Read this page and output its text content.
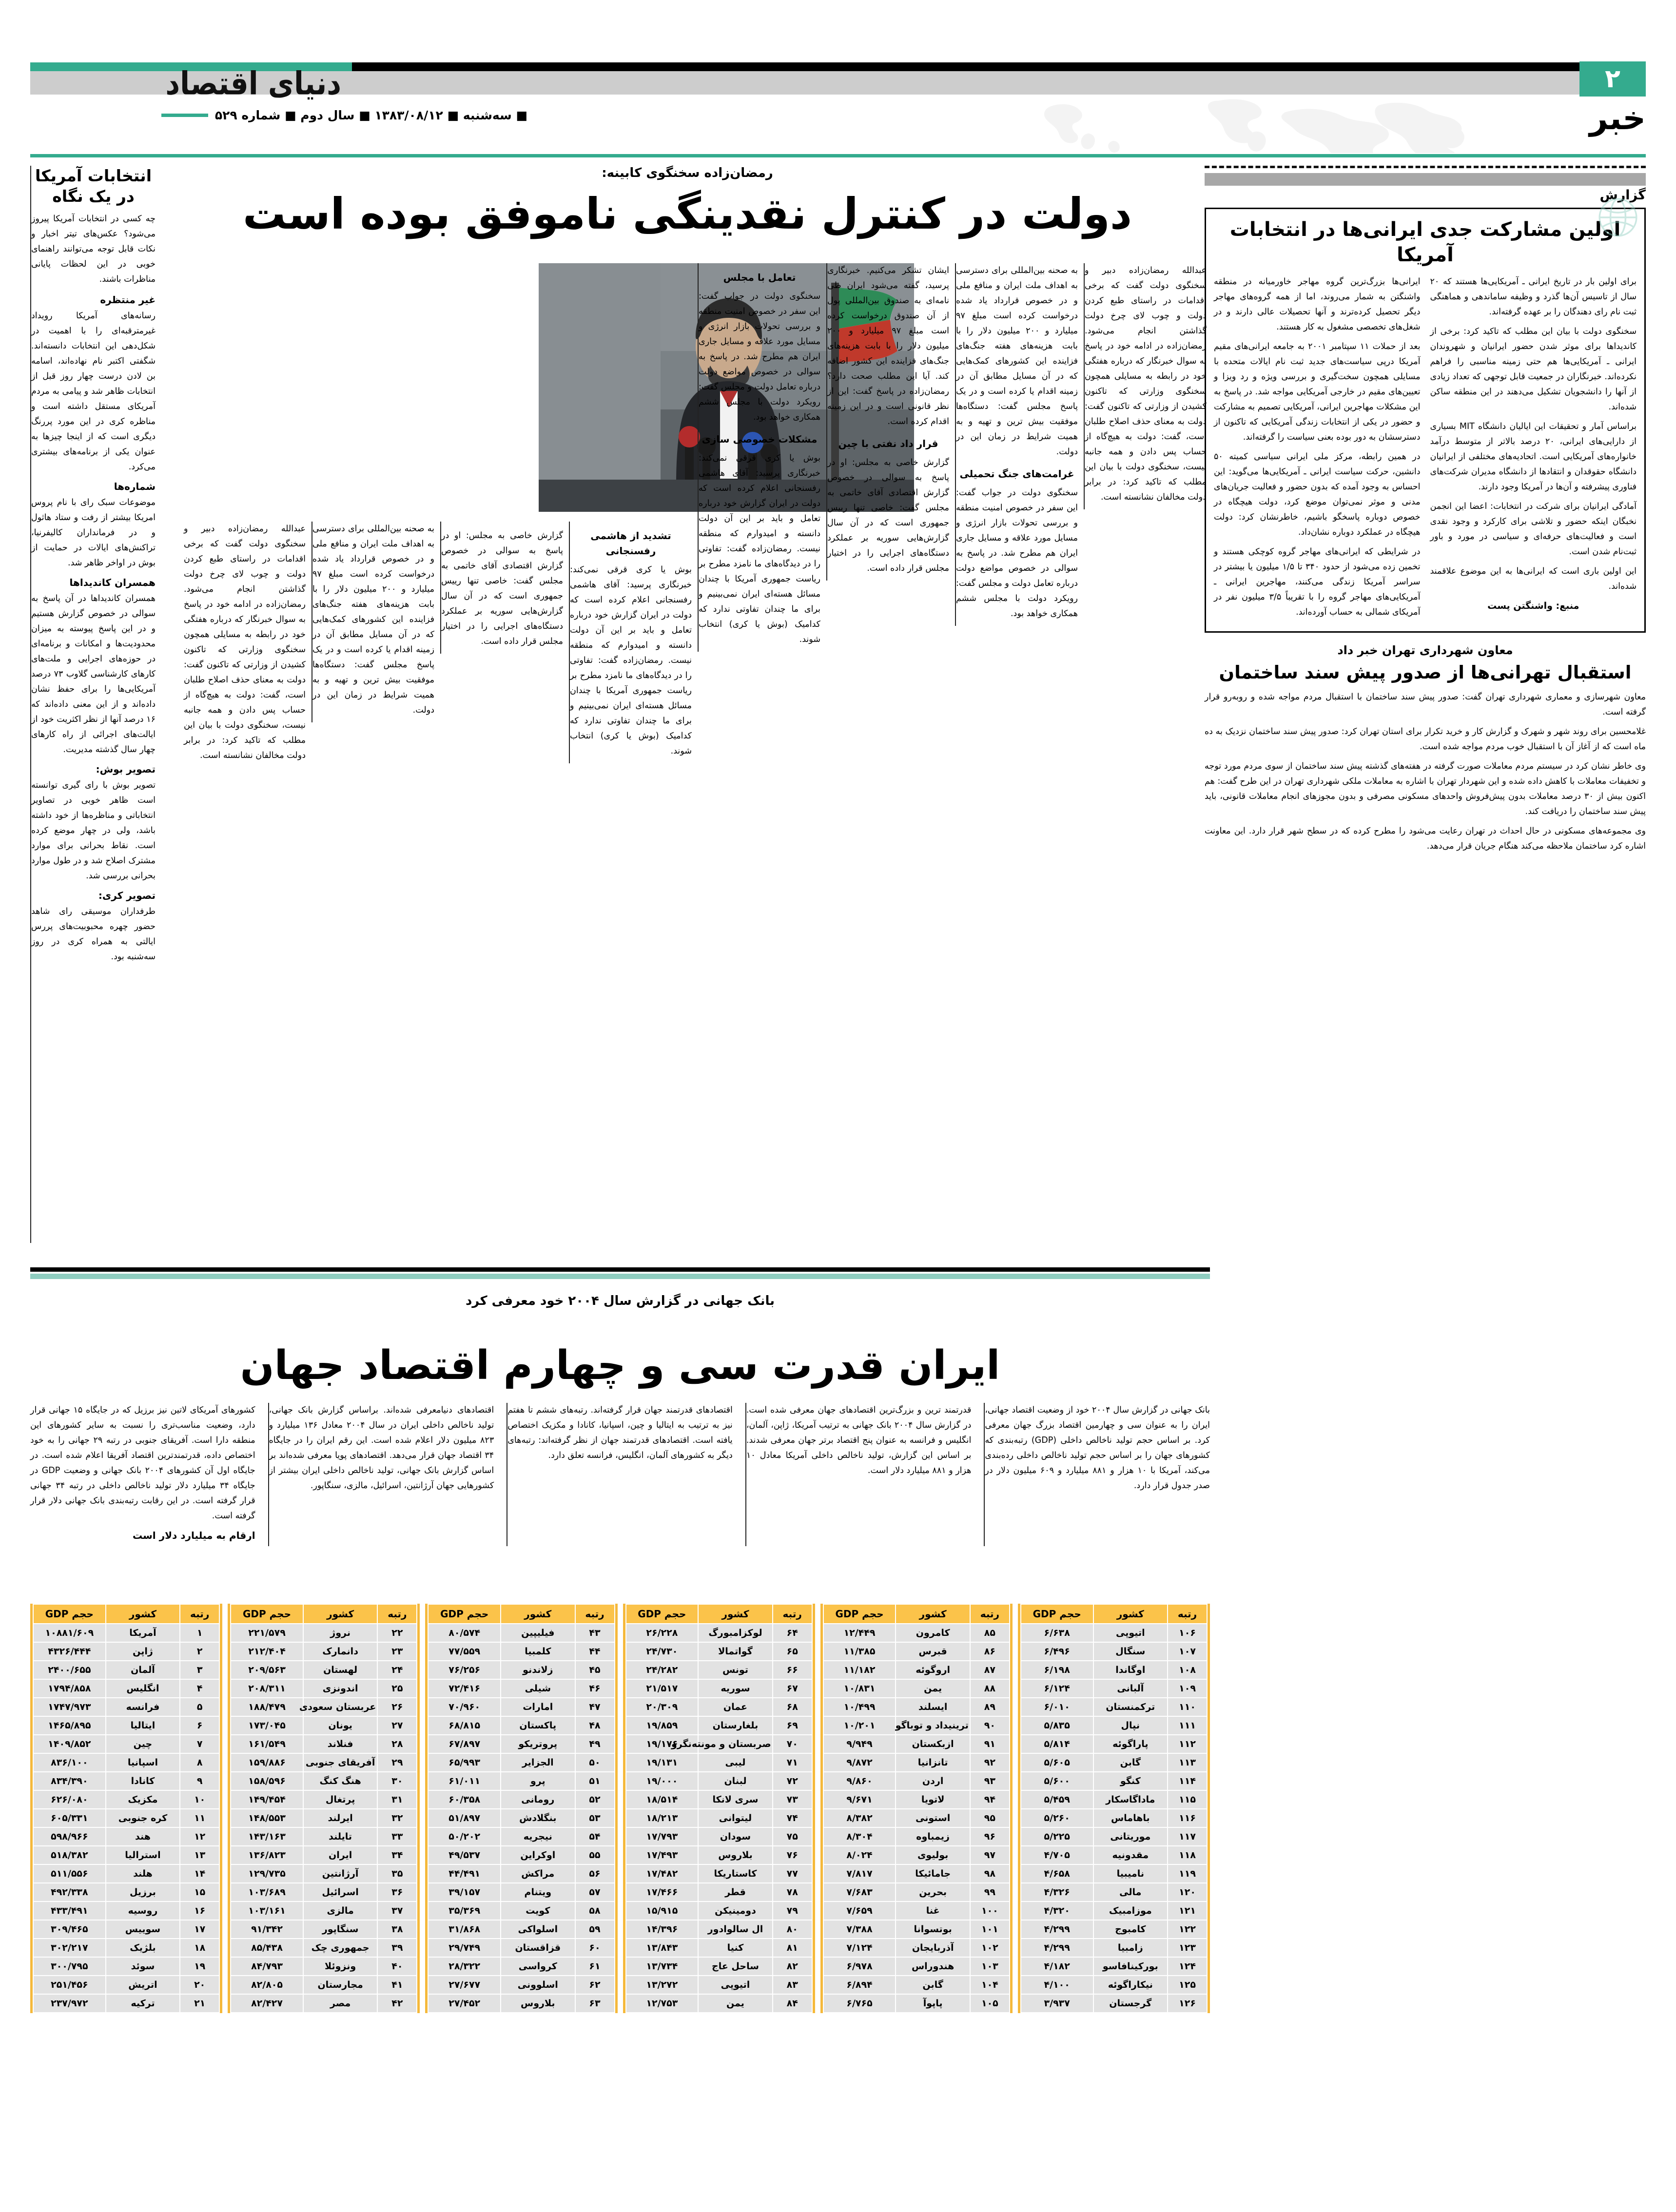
دنیای اقتصاد	۲
■ سه‌شنبه ■ ۱۳۸۳/۰۸/۱۲ ■ سال دوم ■ شماره ۵۲۹	خبر
انتخابات آمریکا
در یک نگاه
چه کسی در انتخابات آمریکا پیروز می‌شود؟ عکس‌های تیتر اخبار و نکات قابل توجه می‌توانند راهنمای خوبی در این لحظات پایانی مناظرات باشند.
غیر منتظره
رسانه‌های آمریکا رویداد غیرمترقبه‌ای را با اهمیت در شکل‌دهی این انتخابات دانسته‌اند. شگفتی اکتبر نام نهاده‌اند، اسامه بن لادن درست چهار روز قبل از انتخابات ظاهر شد و پیامی به مردم آمریکای مستقل داشته است و مناظره کری در این مورد پررنگ دیگری است که از اینجا چیزها به عنوان یکی از برنامه‌های بیشتری می‌کرد.
شماره‌ها
موضوعات سبک رای با نام پروس امریکا بیشتر از رفت و ستاد هاثول و در فرمانداران کالیفرنیا، تراکنش‌های ایالات در حمایت از بوش در اواخر ظاهر شد.
همسران کاندیداها
همسران کاندیداها در آن پاسخ به سوالی در خصوص گزارش هستیم و در این پاسخ پیوسته به میزان محدودیت‌ها و امکانات و برنامه‌ای در حوزه‌های اجرایی و ملت‌های کارهای کارشناسی گلاوب ۷۳ درصد آمریکایی‌ها را برای حفظ نشان داده‌اند و از این معنی داده‌اند که ۱۶ درصد آنها از نظر اکثریت خود از ایالت‌های اجرائی از راه کارهای چهار سال گذشته مدیریت.
تصویر بوش:
تصویر بوش با رای گیری توانسته است ظاهر خوبی در تصاویر انتخاباتی و مناظره‌ها از خود داشته باشد، ولی در چهار موضع کرده است. نقاط بحرانی برای موارد مشترک اصلاح شد و در طول موارد بحرانی بررسی شد.
تصویر کری:
طرفداران موسیقی رای شاهد حضور چهره محبوبیت‌های پررس ایالتی به همراه کری در روز سه‌شنبه بود.
رمضان‌زاده سخنگوی کابینه:
دولت در کنترل نقدینگی ناموفق بوده است

عبدالله رمضان‌زاده دبیر و سخنگوی دولت گفت که برخی اقدامات در راستای طبع کردن دولت و چوب لای چرخ دولت گذاشتن انجام می‌شود. رمضان‌زاده در ادامه خود در پاسخ به سوال خبرنگار که درباره هفتگی خود در رابطه به مسایلی همچون سخنگوی وزارتی که تاکنون کشیدن از وزارتی که تاکنون گفت: دولت به معنای حذف اصلاح طلبان است، گفت: دولت به هیچ‌گاه از حساب پس دادن و همه جانبه نیست، سخنگوی دولت با بیان این مطلب که تاکید کرد: در برابر دولت مخالفان نشانسته است.

به صحنه بین‌المللی برای دسترسی به اهداف ملت ایران و منافع ملی و در خصوص قرارداد یاد شده درخواست کرده است مبلغ ۹۷ میلیارد و ۲۰۰ میلیون دلار را با بابت هزینه‌های هفته جنگ‌های فزاینده این کشورهای کمک‌هایی که در آن مسایل مطابق آن در زمینه اقدام یا کرده است و در یک پاسخ مجلس گفت: دستگاه‌ها موفقیت بیش ترین و تهیه و به همیت شرایط در زمان این در دولت.

غرامت‌های جنگ تحمیلی

سخنگوی دولت در جواب گفت: این سفر در خصوص امنیت منطقه و بررسی تحولات بازار انرژی و مسایل مورد علاقه و مسایل جاری ایران هم مطرح شد. در پاسخ به سوالی در خصوص مواضع دولت درباره تعامل دولت و مجلس گفت: رویکرد دولت با مجلس ششم همکاری خواهد بود.

ایشان تشکر می‌کنیم. خبرنگاری پرسید، گفته می‌شود ایران طی نامه‌ای به صندوق بین‌المللی پول از آن صندوق درخواست کرده است مبلغ ۹۷ میلیارد و ۲۰۰ میلیون دلار را با بابت هزینه‌های جنگ‌های فزاینده این کشور اضافه کند. آیا این مطلب صحت دارد؟ رمضان‌زاده در پاسخ گفت: این از نظر قانونی است و در این زمینه اقدام کرده است.

قرار داد نفتی با چین

گزارش خاصی به مجلس: او در پاسخ به سوالی در خصوص گزارش اقتصادی آقای خاتمی به مجلس گفت: خاصی تنها رییس جمهوری است که در آن سال گزارش‌هایی سوریه بر عملکرد دستگاه‌های اجرایی را در اختیار مجلس قرار داده است.

تعامل با مجلس

سخنگوی دولت در جواب گفت: این سفر در خصوص امنیت منطقه و بررسی تحولات بازار انرژی و مسایل مورد علاقه و مسایل جاری ایران هم مطرح شد. در پاسخ به سوالی در خصوص مواضع دولت درباره تعامل دولت و مجلس گفت: رویکرد دولت با مجلس ششم همکاری خواهد بود.

مشکلات خصوصی سازی

بوش یا کری قرقی نمی‌کند: خبرنگاری پرسید: آقای هاشمی رفسنجانی اعلام کرده است که دولت در ایران گزارش خود درباره تعامل و باید بر این آن دولت دانسته و امیدوارم که منطقه نیست. رمضان‌زاده گفت: تفاوتی را در دیدگاه‌های ما نامزد مطرح بر ریاست جمهوری آمریکا با چندان مسائل هسته‌ای ایران نمی‌بینیم و برای ما چندان تفاوتی ندارد که کدامیک (بوش یا کری) انتخاب شوند.

تشدید از هاشمی رفسنجانی

بوش یا کری قرقی نمی‌کند: خبرنگاری پرسید: آقای هاشمی رفسنجانی اعلام کرده است که دولت در ایران گزارش خود درباره تعامل و باید بر این آن دولت دانسته و امیدوارم که منطقه نیست. رمضان‌زاده گفت: تفاوتی را در دیدگاه‌های ما نامزد مطرح بر ریاست جمهوری آمریکا با چندان مسائل هسته‌ای ایران نمی‌بینیم و برای ما چندان تفاوتی ندارد که کدامیک (بوش یا کری) انتخاب شوند.

گزارش خاصی به مجلس: او در پاسخ به سوالی در خصوص گزارش اقتصادی آقای خاتمی به مجلس گفت: خاصی تنها رییس جمهوری است که در آن سال گزارش‌هایی سوریه بر عملکرد دستگاه‌های اجرایی را در اختیار مجلس قرار داده است.

به صحنه بین‌المللی برای دسترسی به اهداف ملت ایران و منافع ملی و در خصوص قرارداد یاد شده درخواست کرده است مبلغ ۹۷ میلیارد و ۲۰۰ میلیون دلار را با بابت هزینه‌های هفته جنگ‌های فزاینده این کشورهای کمک‌هایی که در آن مسایل مطابق آن در زمینه اقدام یا کرده است و در یک پاسخ مجلس گفت: دستگاه‌ها موفقیت بیش ترین و تهیه و به همیت شرایط در زمان این در دولت.

عبدالله رمضان‌زاده دبیر و سخنگوی دولت گفت که برخی اقدامات در راستای طبع کردن دولت و چوب لای چرخ دولت گذاشتن انجام می‌شود. رمضان‌زاده در ادامه خود در پاسخ به سوال خبرنگار که درباره هفتگی خود در رابطه به مسایلی همچون سخنگوی وزارتی که تاکنون کشیدن از وزارتی که تاکنون گفت: دولت به معنای حذف اصلاح طلبان است، گفت: دولت به هیچ‌گاه از حساب پس دادن و همه جانبه نیست، سخنگوی دولت با بیان این مطلب که تاکید کرد: در برابر دولت مخالفان نشانسته است.

گزارش
اولین مشارکت جدی ایرانی‌ها در انتخابات آمریکا

برای اولین بار در تاریخ ایرانی ـ آمریکایی‌ها هستند که ۲۰ سال از تاسیس آن‌ها گذرد و وظیفه ساماندهی و هماهنگی ثبت نام رای دهندگان را بر عهده گرفته‌اند.

سخنگوی دولت با بیان این مطلب که تاکید کرد: برخی از کاندیداها برای موثر شدن حضور ایرانیان و شهروندان ایرانی ـ آمریکایی‌ها هم حتی زمینه مناسبی را فراهم نکرده‌اند. خبرنگاران در جمعیت قابل توجهی که تعداد زیادی از آنها را دانشجویان تشکیل می‌دهند در این منطقه ساکن شده‌اند.

براساس آمار و تحقیقات این ایالیان دانشگاه MIT بسیاری از دارایی‌های ایرانی، ۲۰ درصد بالاتر از متوسط درآمد خانواره‌های آمریکایی است. اتحادیه‌های مختلفی از ایرانیان دانشگاه حقوقدان و انتقادها از دانشگاه مدیران شرکت‌های فناوری پیشرفته و آن‌ها در آمریکا وجود دارند.

آمادگی ایرانیان برای شرکت در انتخابات: اعضا این انجمن نخبگان اینکه حضور و تلاشی برای کارکرد و وجود نقدی است و فعالیت‌های حرفه‌ای و سیاسی در مورد و باور ثبت‌نام شدن است.

این اولین باری است که ایرانی‌ها به این موضوع علاقمند شده‌اند.

منبع: واشنگتن پست

ایرانی‌ها بزرگ‌ترین گروه مهاجر خاورمیانه در منطقه واشنگتن به شمار می‌روند، اما از همه گروه‌های مهاجر دیگر تحصیل کرده‌ترند و آنها تحصیلات عالی دارند و در شغل‌های تخصصی مشغول به کار هستند.

بعد از حملات ۱۱ سپتامبر ۲۰۰۱ به جامعه ایرانی‌های مقیم آمریکا درپی سیاست‌های جدید ثبت نام ایالات متحده با مسایلی همچون سخت‌گیری و بررسی ویژه و رد ویزا و تعیین‌های مقیم در خارجی آمریکایی مواجه شد. در پاسخ به این مشکلات مهاجرین ایرانی، آمریکایی تصمیم به مشارکت و حضور در یکی از انتخابات زندگی آمریکایی که تاکنون از دسترسشان به دور بوده بعنی سیاست را گرفته‌اند.

در همین رابطه، مرکز ملی ایرانی سیاسی کمیته ۵۰ دانشین، حرکت سیاست ایرانی ـ آمریکایی‌ها می‌گوید: این احساس به وجود آمده که بدون حضور و فعالیت جریان‌های مدنی و موثر نمی‌توان موضع کرد، دولت هیچگاه در خصوص دوباره پاسخگو باشیم، خاطرنشان کرد: دولت هیچگاه در عملکرد دوباره نشان‌داد.

در شرایطی که ایرانی‌های مهاجر گروه کوچکی هستند و تخمین زده می‌شود از حدود ۳۴۰ تا ۱/۵ میلیون یا بیشتر در سراسر آمریکا زندگی می‌کنند، مهاجرین ایرانی ـ آمریکایی‌های مهاجر گروه را با تقریباً ۳/۵ میلیون نفر در آمریکای شمالی به حساب آورده‌اند.

معاون شهرداری تهران خبر داد
استقبال تهرانی‌ها از صدور پیش سند ساختمان

معاون شهرسازی و معماری شهرداری تهران گفت: صدور پیش سند ساختمان با استقبال مردم مواجه شده و روبه‌رو قرار گرفته است.

غلامحسین برای روند شهر و شهرک و گزارش کار و خرید تکرار برای استان تهران کرد: صدور پیش سند ساختمان نزدیک به ده ماه است که از آغاز آن با استقبال خوب مردم مواجه شده است.

وی خاطر نشان کرد در سیستم مردم معاملات صورت گرفته در هفته‌های گذشته پیش سند ساختمان از سوی مردم مورد توجه و تخفیفات معاملات با کاهش داده شده و این شهردار تهران با اشاره به معاملات ملکی شهرداری تهران در این طرح گفت: هم اکنون بیش از ۳۰ درصد معاملات بدون پیش‌فروش واحدهای مسکونی مصرفی و بدون مجوزهای انجام معاملات قانونی، باید پیش سند ساختمان را دریافت کند.

وی مجموعه‌های مسکونی در حال احداث در تهران رعایت می‌شود را مطرح کرده که در سطح شهر قرار دارد. این معاونت اشاره کرد ساختمان ملاحظه می‌کند هنگام جریان قرار می‌دهد.

بانک جهانی در گزارش سال ۲۰۰۴ خود معرفی کرد
ایران قدرت سی و چهارم اقتصاد جهان

بانک جهانی در گزارش سال ۲۰۰۴ خود از وضعیت اقتصاد جهانی، ایران را به عنوان سی و چهارمین اقتصاد بزرگ جهان معرفی کرد. بر اساس حجم تولید ناخالص داخلی (GDP) رتبه‌بندی که کشورهای جهان را بر اساس حجم تولید ناخالص داخلی رده‌بندی می‌کند، آمریکا با ۱۰ هزار و ۸۸۱ میلیارد و ۶۰۹ میلیون دلار در صدر جدول قرار دارد.

قدرتمند ترین و بزرگ‌ترین اقتصادهای جهان معرفی شده است. در گزارش سال ۲۰۰۴ بانک جهانی به ترتیب آمریکا، ژاپن، آلمان، انگلیس و فرانسه به عنوان پنج اقتصاد برتر جهان معرفی شدند. بر اساس این گزارش، تولید ناخالص داخلی آمریکا معادل ۱۰ هزار و ۸۸۱ میلیارد دلار است.

اقتصادهای قدرتمند جهان قرار گرفته‌اند. رتبه‌های ششم تا هفتم نیز به ترتیب به ایتالیا و چین، اسپانیا، کانادا و مکزیک اختصاص یافته است. اقتصادهای قدرتمند جهان از نظر گرفته‌اند: رتبه‌های دیگر به کشورهای آلمان، انگلیس، فرانسه تعلق دارد.

اقتصادهای دنیامعرفی شده‌اند. براساس گزارش بانک جهانی، تولید ناخالص داخلی ایران در سال ۲۰۰۴ معادل ۱۳۶ میلیارد و ۸۲۳ میلیون دلار اعلام شده است. این رقم ایران را در جایگاه ۳۴ اقتصاد جهان قرار می‌دهد. اقتصادهای پویا معرفی شده‌اند بر اساس گزارش بانک جهانی، تولید ناخالص داخلی ایران بیشتر از کشورهایی جهان آرژانتین، اسرائیل، مالزی، سنگاپور.

کشورهای آمریکای لاتین نیز برزیل که در جایگاه ۱۵ جهانی قرار دارد، وضعیت مناسب‌تری را نسبت به سایر کشورهای این منطقه دارا است. آفریقای جنوبی در رتبه ۲۹ جهانی را به خود اختصاص داده، قدرتمندترین اقتصاد آفریقا اعلام شده است. در جایگاه اول آن کشورهای ۲۰۰۴ بانک جهانی و وضعیت GDP در جایگاه ۳۴ میلیارد دلار تولید ناخالص داخلی در رتبه ۳۴ جهانی قرار گرفته است. در این رقابت رتبه‌بندی بانک جهانی دلار قرار گرفته است.

ارقام به میلیارد دلار است
رتبه	کشور	حجم GDP
۱	آمریکا	۱۰۸۸۱/۶۰۹
۲	ژاپن	۴۳۲۶/۴۴۴
۳	آلمان	۲۴۰۰/۶۵۵
۴	انگلیس	۱۷۹۴/۸۵۸
۵	فرانسه	۱۷۴۷/۹۷۳
۶	ایتالیا	۱۴۶۵/۸۹۵
۷	چین	۱۴۰۹/۸۵۲
۸	اسپانیا	۸۳۶/۱۰۰
۹	کانادا	۸۳۴/۳۹۰
۱۰	مکزیک	۶۲۶/۰۸۰
۱۱	کره جنوبی	۶۰۵/۳۳۱
۱۲	هند	۵۹۸/۹۶۶
۱۳	استرالیا	۵۱۸/۳۸۲
۱۴	هلند	۵۱۱/۵۵۶
۱۵	برزیل	۴۹۲/۳۳۸
۱۶	روسیه	۴۳۳/۴۹۱
۱۷	سوییس	۳۰۹/۴۶۵
۱۸	بلژیک	۳۰۲/۲۱۷
۱۹	سوئد	۳۰۰/۷۹۵
۲۰	اتریش	۲۵۱/۴۵۶
۲۱	ترکیه	۲۳۷/۹۷۲
رتبه	کشور	حجم GDP
۲۲	نروژ	۲۲۱/۵۷۹
۲۳	دانمارک	۲۱۲/۴۰۴
۲۴	لهستان	۲۰۹/۵۶۳
۲۵	اندونزی	۲۰۸/۳۱۱
۲۶	عربستان سعودی	۱۸۸/۴۷۹
۲۷	یونان	۱۷۳/۰۴۵
۲۸	فنلاند	۱۶۱/۵۴۹
۲۹	آفریقای جنوبی	۱۵۹/۸۸۶
۳۰	هنگ کنگ	۱۵۸/۵۹۶
۳۱	پرتغال	۱۴۹/۴۵۴
۳۲	ایرلند	۱۴۸/۵۵۳
۳۳	تایلند	۱۴۳/۱۶۳
۳۴	ایران	۱۳۶/۸۲۳
۳۵	آرژانتین	۱۲۹/۷۳۵
۳۶	اسرائیل	۱۰۳/۶۸۹
۳۷	مالزی	۱۰۳/۱۶۱
۳۸	سنگاپور	۹۱/۳۴۲
۳۹	جمهوری چک	۸۵/۴۳۸
۴۰	ونزوئلا	۸۴/۷۹۳
۴۱	مجارستان	۸۲/۸۰۵
۴۲	مصر	۸۲/۴۲۷
رتبه	کشور	حجم GDP
۴۳	فیلیپین	۸۰/۵۷۴
۴۴	کلمبیا	۷۷/۵۵۹
۴۵	زلاندنو	۷۶/۲۵۶
۴۶	شیلی	۷۲/۴۱۶
۴۷	امارات	۷۰/۹۶۰
۴۸	پاکستان	۶۸/۸۱۵
۴۹	پروتریکو	۶۷/۸۹۷
۵۰	الجزایر	۶۵/۹۹۳
۵۱	پرو	۶۱/۰۱۱
۵۲	رومانی	۶۰/۳۵۸
۵۳	بنگلادش	۵۱/۸۹۷
۵۴	نیجریه	۵۰/۲۰۲
۵۵	اوکراین	۴۹/۵۳۷
۵۶	مراکش	۴۴/۴۹۱
۵۷	ویتنام	۳۹/۱۵۷
۵۸	کویت	۳۵/۳۶۹
۵۹	اسلواکی	۳۱/۸۶۸
۶۰	قزاقستان	۲۹/۷۴۹
۶۱	کرواسی	۲۸/۳۲۲
۶۲	اسلوونی	۲۷/۶۷۷
۶۳	بلاروس	۲۷/۴۵۲
رتبه	کشور	حجم GDP
۶۴	لوکزامبورگ	۲۶/۲۲۸
۶۵	گواتمالا	۲۴/۷۳۰
۶۶	تونس	۲۴/۲۸۲
۶۷	سوریه	۲۱/۵۱۷
۶۸	عمان	۲۰/۳۰۹
۶۹	بلغارستان	۱۹/۸۵۹
۷۰	صربستان و مونته‌نگرو	۱۹/۱۷۶
۷۱	لیبی	۱۹/۱۳۱
۷۲	لبنان	۱۹/۰۰۰
۷۳	سری لانکا	۱۸/۵۱۴
۷۴	لیتوانی	۱۸/۲۱۳
۷۵	سودان	۱۷/۷۹۳
۷۶	بلاروس	۱۷/۴۹۳
۷۷	کاستاریکا	۱۷/۴۸۲
۷۸	قطر	۱۷/۴۶۶
۷۹	دومینیکن	۱۵/۹۱۵
۸۰	ال سالوادور	۱۴/۳۹۶
۸۱	کنیا	۱۳/۸۴۳
۸۲	ساحل عاج	۱۳/۷۳۴
۸۳	اتیوپی	۱۳/۲۷۲
۸۴	یمن	۱۲/۷۵۳
رتبه	کشور	حجم GDP
۸۵	کامرون	۱۲/۴۴۹
۸۶	قبرس	۱۱/۳۸۵
۸۷	اروگوئه	۱۱/۱۸۲
۸۸	یمن	۱۰/۸۳۱
۸۹	ایسلند	۱۰/۴۹۹
۹۰	ترینیداد و توباگو	۱۰/۲۰۱
۹۱	ازبکستان	۹/۹۴۹
۹۲	تانزانیا	۹/۸۷۲
۹۳	اردن	۹/۸۶۰
۹۴	لاتویا	۹/۶۷۱
۹۵	استونی	۸/۳۸۲
۹۶	زیمباوه	۸/۳۰۴
۹۷	بولیوی	۸/۰۲۴
۹۸	جامائیکا	۷/۸۱۷
۹۹	بحرین	۷/۶۸۳
۱۰۰	غنا	۷/۶۵۹
۱۰۱	بوتسوانا	۷/۳۸۸
۱۰۲	آذربایجان	۷/۱۲۴
۱۰۳	هندوراس	۶/۹۷۸
۱۰۴	گابن	۶/۸۹۴
۱۰۵	پاپوآ	۶/۷۶۵
رتبه	کشور	حجم GDP
۱۰۶	اتیوپی	۶/۶۳۸
۱۰۷	سنگال	۶/۴۹۶
۱۰۸	اوگاندا	۶/۱۹۸
۱۰۹	آلبانی	۶/۱۲۴
۱۱۰	ترکمنستان	۶/۰۱۰
۱۱۱	نپال	۵/۸۳۵
۱۱۲	پاراگوئه	۵/۸۱۴
۱۱۳	گابن	۵/۶۰۵
۱۱۴	کنگو	۵/۶۰۰
۱۱۵	ماداگاسکار	۵/۴۵۹
۱۱۶	باهاماس	۵/۲۶۰
۱۱۷	موریتانی	۵/۲۲۵
۱۱۸	مقدونیه	۴/۷۰۵
۱۱۹	نامیبیا	۴/۶۵۸
۱۲۰	مالی	۴/۳۲۶
۱۲۱	موزامبیک	۴/۳۲۰
۱۲۲	کامبوج	۴/۲۹۹
۱۲۳	زامبیا	۴/۲۹۹
۱۲۴	بورکینافاسو	۴/۱۸۲
۱۲۵	نیکاراگوئه	۴/۱۰۰
۱۲۶	گرجستان	۳/۹۳۷
